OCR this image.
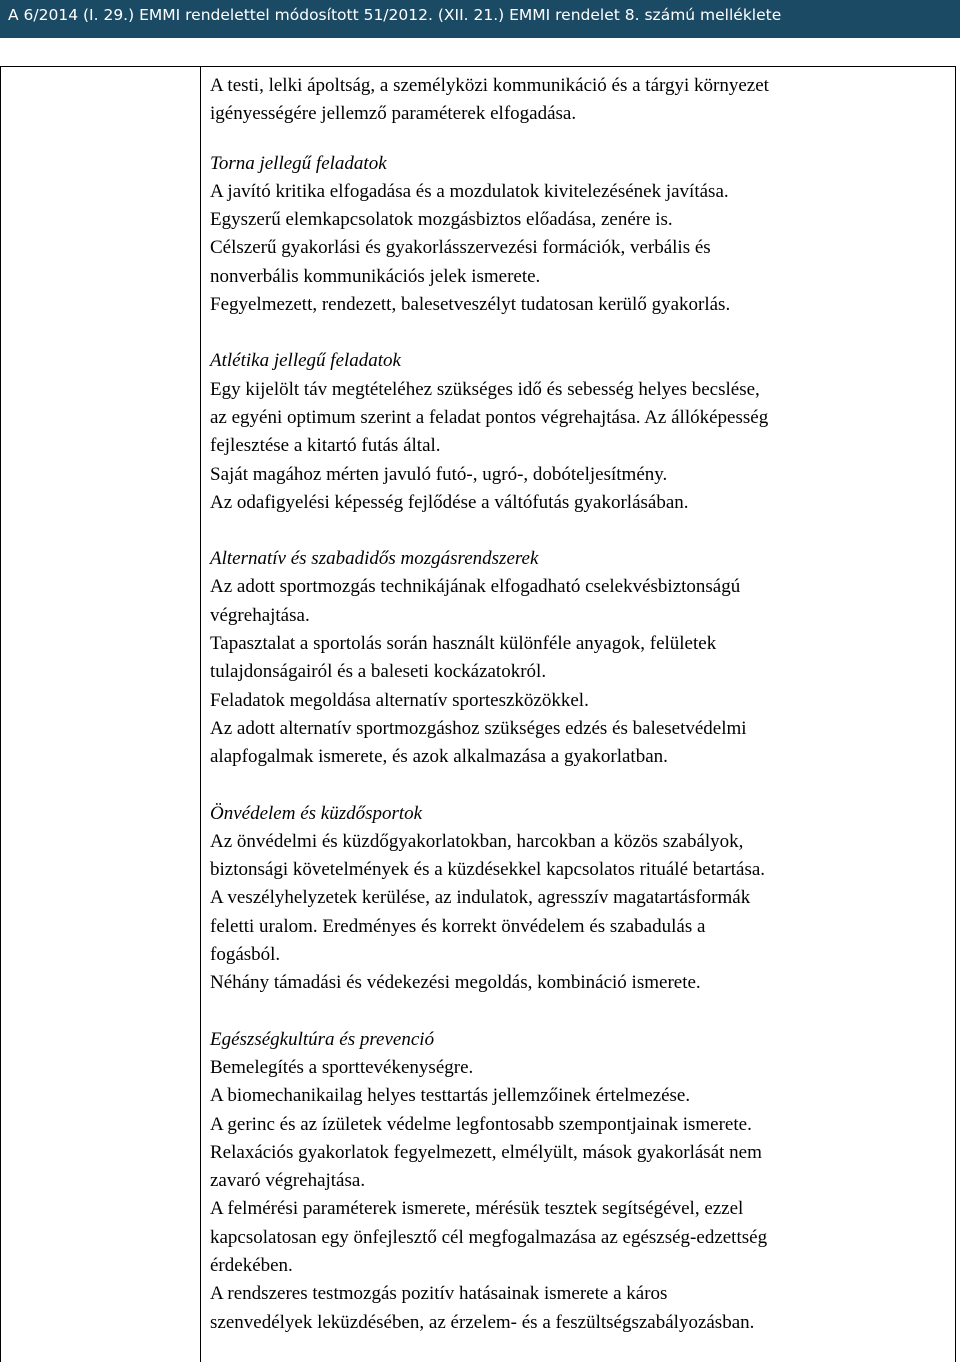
A 6/2014 (I. 29.) EMMI rendelettel módosított 51/2012. (XII. 21.) EMMI rendelet 8. számú melléklete

A testi, lelki ápoltság, a személyközi kommunikáció és a tárgyi környezet

igényességére jellemző paraméterek elfogadása.

Torna jellegű feladatok

A javító kritika elfogadása és a mozdulatok kivitelezésének javítása.

Egyszerű elemkapcsolatok mozgásbiztos előadása, zenére is.

Célszerű gyakorlási és gyakorlásszervezési formációk, verbális és

nonverbális kommunikációs jelek ismerete.

Fegyelmezett, rendezett, balesetveszélyt tudatosan kerülő gyakorlás.

Atlétika jellegű feladatok

Egy kijelölt táv megtételéhez szükséges idő és sebesség helyes becslése,

az egyéni optimum szerint a feladat pontos végrehajtása. Az állóképesség

fejlesztése a kitartó futás által.

Saját magához mérten javuló futó-, ugró-, dobóteljesítmény.

Az odafigyelési képesség fejlődése a váltófutás gyakorlásában.

Alternatív és szabadidős mozgásrendszerek

Az adott sportmozgás technikájának elfogadható cselekvésbiztonságú

végrehajtása.

Tapasztalat a sportolás során használt különféle anyagok, felületek

tulajdonságairól és a baleseti kockázatokról.

Feladatok megoldása alternatív sporteszközökkel.

Az adott alternatív sportmozgáshoz szükséges edzés és balesetvédelmi

alapfogalmak ismerete, és azok alkalmazása a gyakorlatban.

Önvédelem és küzdősportok

Az önvédelmi és küzdőgyakorlatokban, harcokban a közös szabályok,

biztonsági követelmények és a küzdésekkel kapcsolatos rituálé betartása.

A veszélyhelyzetek kerülése, az indulatok, agresszív magatartásformák

feletti uralom. Eredményes és korrekt önvédelem és szabadulás a

fogásból.

Néhány támadási és védekezési megoldás, kombináció ismerete.

Egészségkultúra és prevenció

Bemelegítés a sporttevékenységre.

A biomechanikailag helyes testtartás jellemzőinek értelmezése.

A gerinc és az ízületek védelme legfontosabb szempontjainak ismerete.

Relaxációs gyakorlatok fegyelmezett, elmélyült, mások gyakorlását nem

zavaró végrehajtása.

A felmérési paraméterek ismerete, mérésük tesztek segítségével, ezzel

kapcsolatosan egy önfejlesztő cél megfogalmazása az egészség-edzettség

érdekében.

A rendszeres testmozgás pozitív hatásainak ismerete a káros

szenvedélyek leküzdésében, az érzelem- és a feszültségszabályozásban.
